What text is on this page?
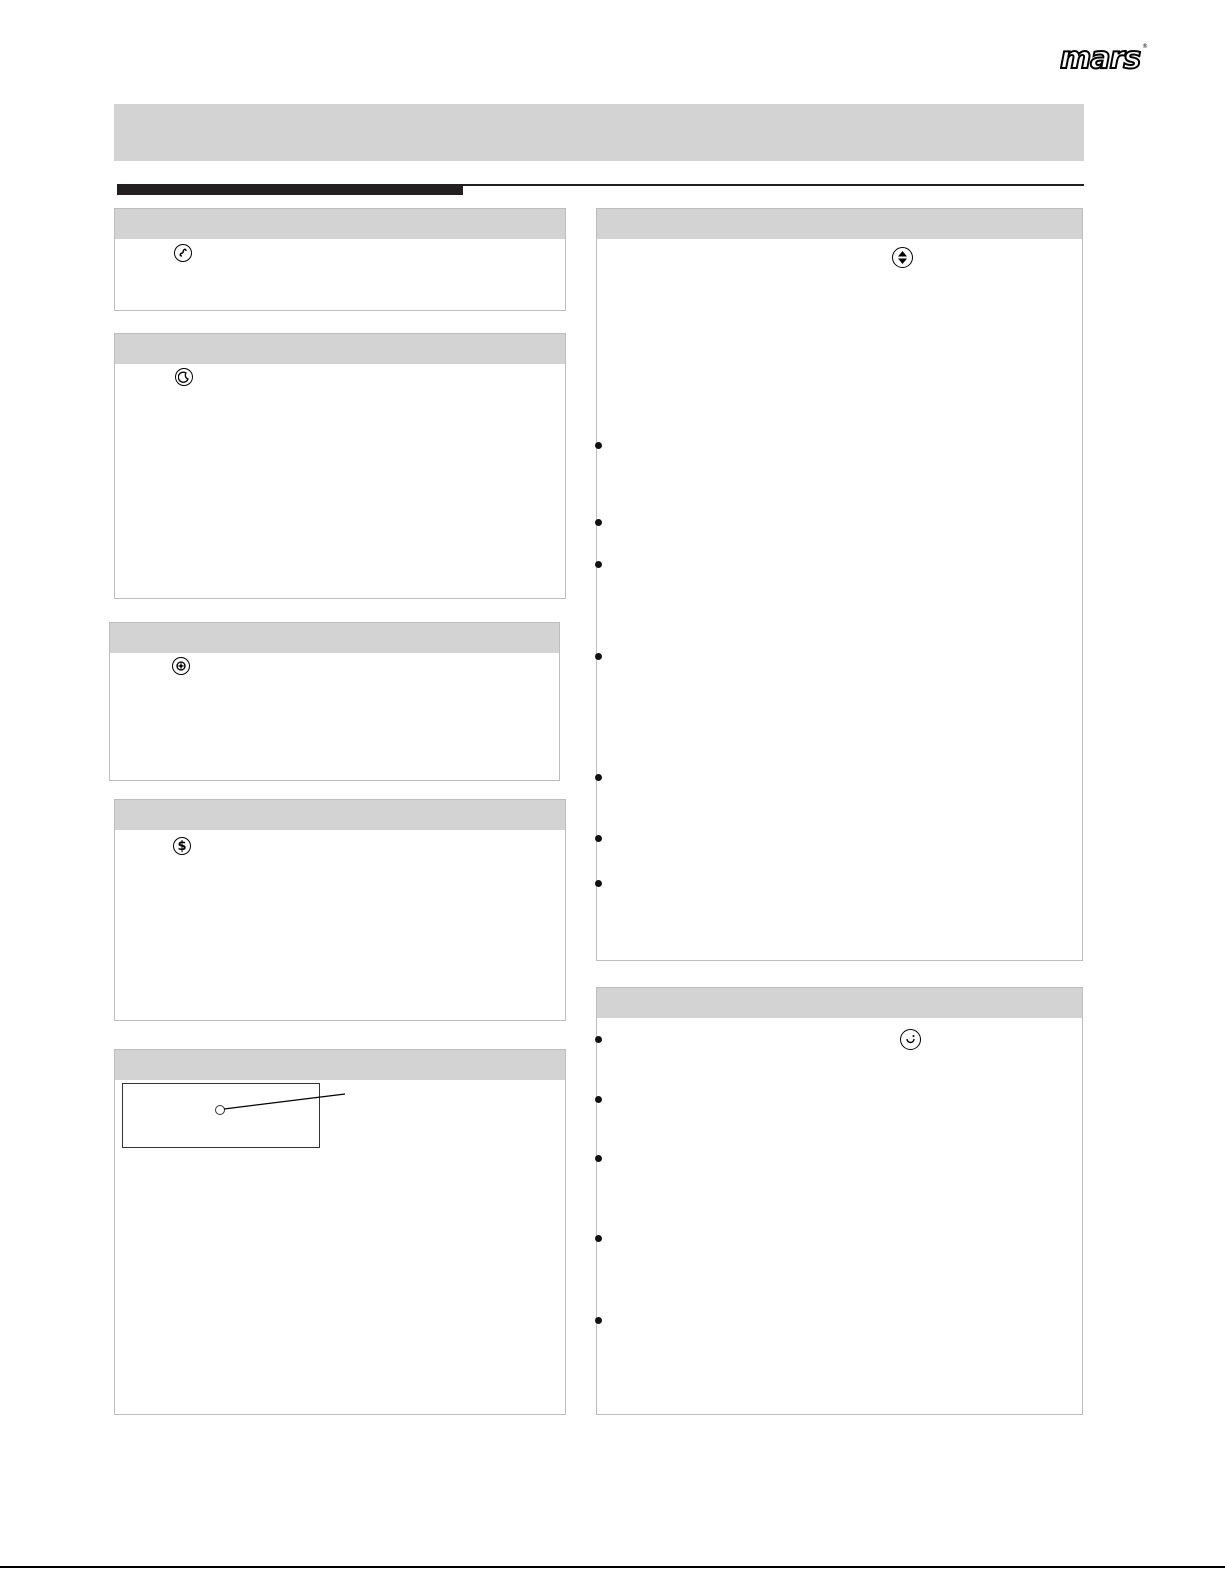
mars ®
$
